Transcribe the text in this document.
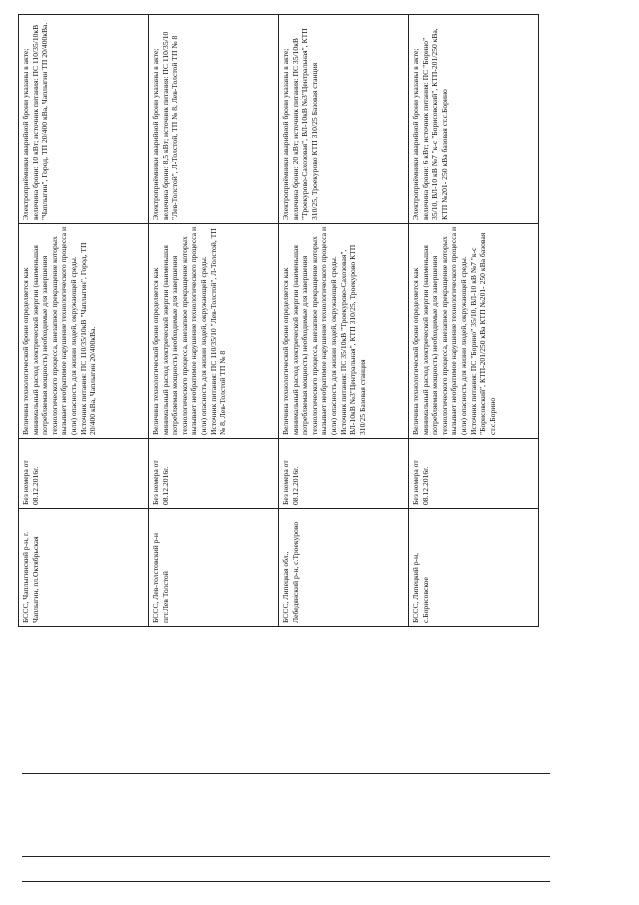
БССС, Чаплыгинский р-н, г. Чаплыгин, пл.Октябрьская	Без номера от 08.12.2016г.	Величина технологической брони определяется как минимальный расход электрической энергии (наименьшая потребляемая мощность) необходимые для завершения технологического процесса, внезапное прекращение которых вызывает необратимое нарушение технологического процесса и (или) опасность для жизни людей, окружающей среды. Источник питания: ПС 110/35/10кВ "Чаплыгин", Город, ТП 20/400 кВа, Чаплыгин 20/400кВа.	Электроприёмники аварийной брони указаны в акте; величина брони: 10 кВт; источник питания: ПС 110/35/10кВ "Чаплыгин", Город, ТП 20/400 кВа, Чаплыгин ТП 20/400кВа.
БССС, Лев-толстовский р-н пгт.Лев Толстой	Без номера от 08.12.2016г.	Величина технологической брони определяется как минимальный расход электрической энергии (наименьшая потребляемая мощность) необходимые для завершения технологического процесса, внезапное прекращение которых вызывает необратимое нарушение технологического процесса и (или) опасность для жизни людей, окружающей среды. Источник питания: ПС 110/35/10 "Лев-Толстой", Л-Толстой, ТП № 8, Лев-Толстой ТП № 8	Электроприёмники аварийной брони указаны в акте; величина брони: 8,5 кВт; источник питания: ПС 110/35/10 "Лев-Толстой", Л-Толстой, ТП № 8, Лев-Толстой ТП № 8
БССС, Липецкая обл., Лебедянский р-н, с.Троекурово	Без номера от 08.12.2016г.	Величина технологической брони определяется как минимальный расход электрической энергии (наименьшая потребляемая мощность) необходимые для завершения технологического процесса, внезапное прекращение которых вызывает необратимое нарушение технологического процесса и (или) опасность для жизни людей, окружающей среды. Источник питания: ПС 35/10кВ "Троекурово-Сахозовая", ВЛ-10кВ №3"Центральная", КТП 310/25, Троекурово КТП 310/25 Базовая станция	Электроприёмники аварийной брони указаны в акте; величина брони: 20 кВт; источник питания: ПС 35/10кВ "Троекурово-Сахозовая", ВЛ-10кВ №3"Центральная", КТП 310/25, Троекурово КТП 310/25 Базовая станция
БССС, Липецкий р-н, с.Борисовское	Без номера от 08.12.2016г.	Величина технологической брони определяется как минимальный расход электрической энергии (наименьшая потребляемая мощность) необходимые для завершения технологического процесса, внезапное прекращение которых вызывает необратимое нарушение технологического процесса и (или) опасность для жизни людей, окружающей среды. Источник питания: ПС "Борино" 35/10, ВЛ-10 кВ №7 "к-с "Борисовский", КТП-201/250 кВа КТП №201- 250 кВа базовая ст.с.Борино	Электроприёмники аварийной брони указаны в акте; величина брони: 6 кВт; источник питания: ПС "Борино" 35/10, ВЛ-10 кВ №7 "к-с "Борисовский", КТП-201/250 кВа, КТП №201- 250 кВа базовая ст.с.Борино
